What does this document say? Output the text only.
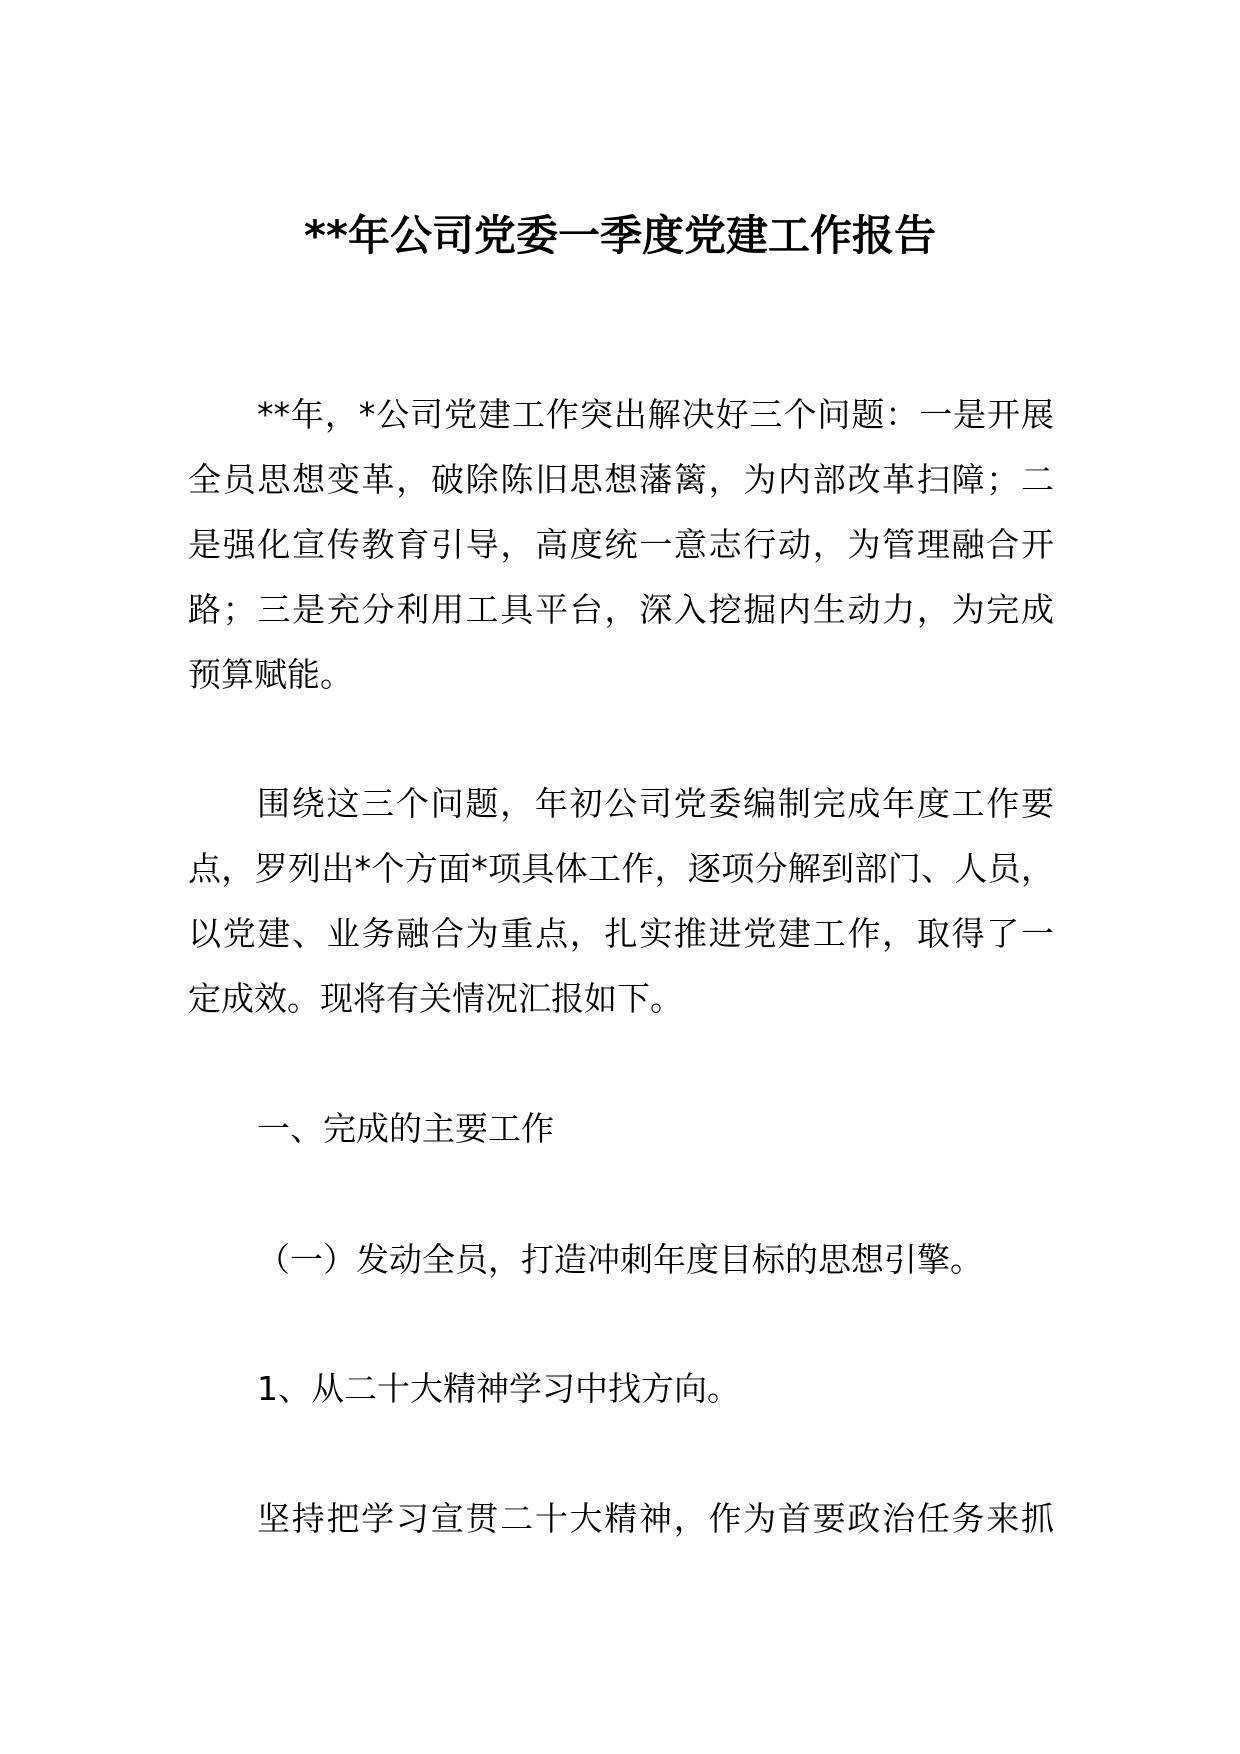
**年公司党委一季度党建工作报告
**年，*公司党建工作突出解决好三个问题：一是开展
全员思想变革，破除陈旧思想藩篱，为内部改革扫障；二
是强化宣传教育引导，高度统一意志行动，为管理融合开
路；三是充分利用工具平台，深入挖掘内生动力，为完成
预算赋能。
围绕这三个问题，年初公司党委编制完成年度工作要
点，罗列出*个方面*项具体工作，逐项分解到部门、人员，
以党建、业务融合为重点，扎实推进党建工作，取得了一
定成效。现将有关情况汇报如下。
一、完成的主要工作
（一）发动全员，打造冲刺年度目标的思想引擎。
1、从二十大精神学习中找方向。
坚持把学习宣贯二十大精神，作为首要政治任务来抓
